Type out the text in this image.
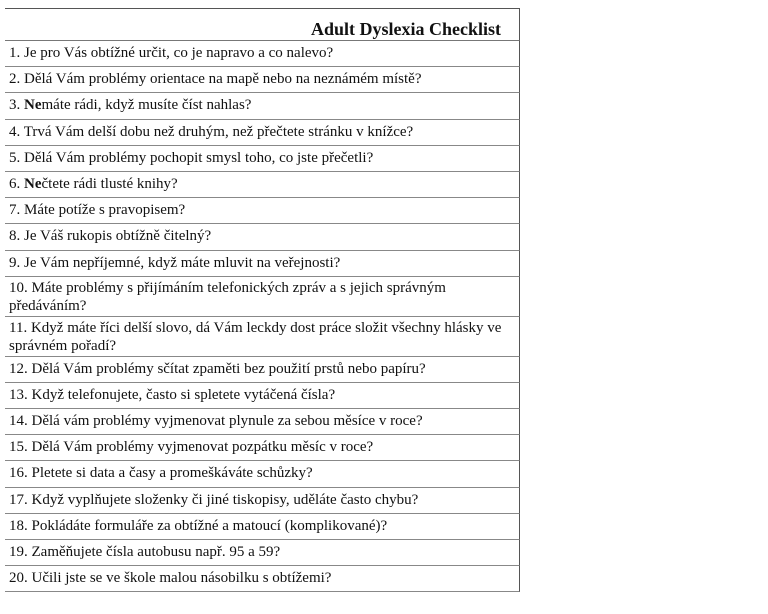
Adult Dyslexia Checklist
1. Je pro Vás obtížné určit, co je napravo a co nalevo?
2. Dělá Vám problémy orientace na mapě nebo na neznámém místě?
3. Nemáte rádi, když musíte číst nahlas?
4. Trvá Vám delší dobu než druhým, než přečtete stránku v knížce?
5. Dělá Vám problémy pochopit smysl toho, co jste přečetli?
6. Nečtete rádi tlusté knihy?
7. Máte potíže s pravopisem?
8. Je Váš rukopis obtížně čitelný?
9. Je Vám nepříjemné, když máte mluvit na veřejnosti?
10. Máte problémy s přijímáním telefonických zpráv a s jejich správným předáváním?
11. Když máte říci delší slovo, dá Vám leckdy dost práce složit všechny hlásky ve správném pořadí?
12. Dělá Vám problémy sčítat zpaměti bez použití prstů nebo papíru?
13. Když telefonujete, často si spletete vytáčená čísla?
14. Dělá vám problémy vyjmenovat plynule za sebou měsíce v roce?
15. Dělá Vám problémy vyjmenovat pozpátku měsíc v roce?
16. Pletete si data a časy a promeškáváte schůzky?
17. Když vyplňujete složenky či jiné tiskopisy, uděláte často chybu?
18. Pokládáte formuláře za obtížné a matoucí (komplikované)?
19. Zaměňujete čísla autobusu např. 95 a 59?
20. Učili jste se ve škole malou násobilku s obtížemi?
